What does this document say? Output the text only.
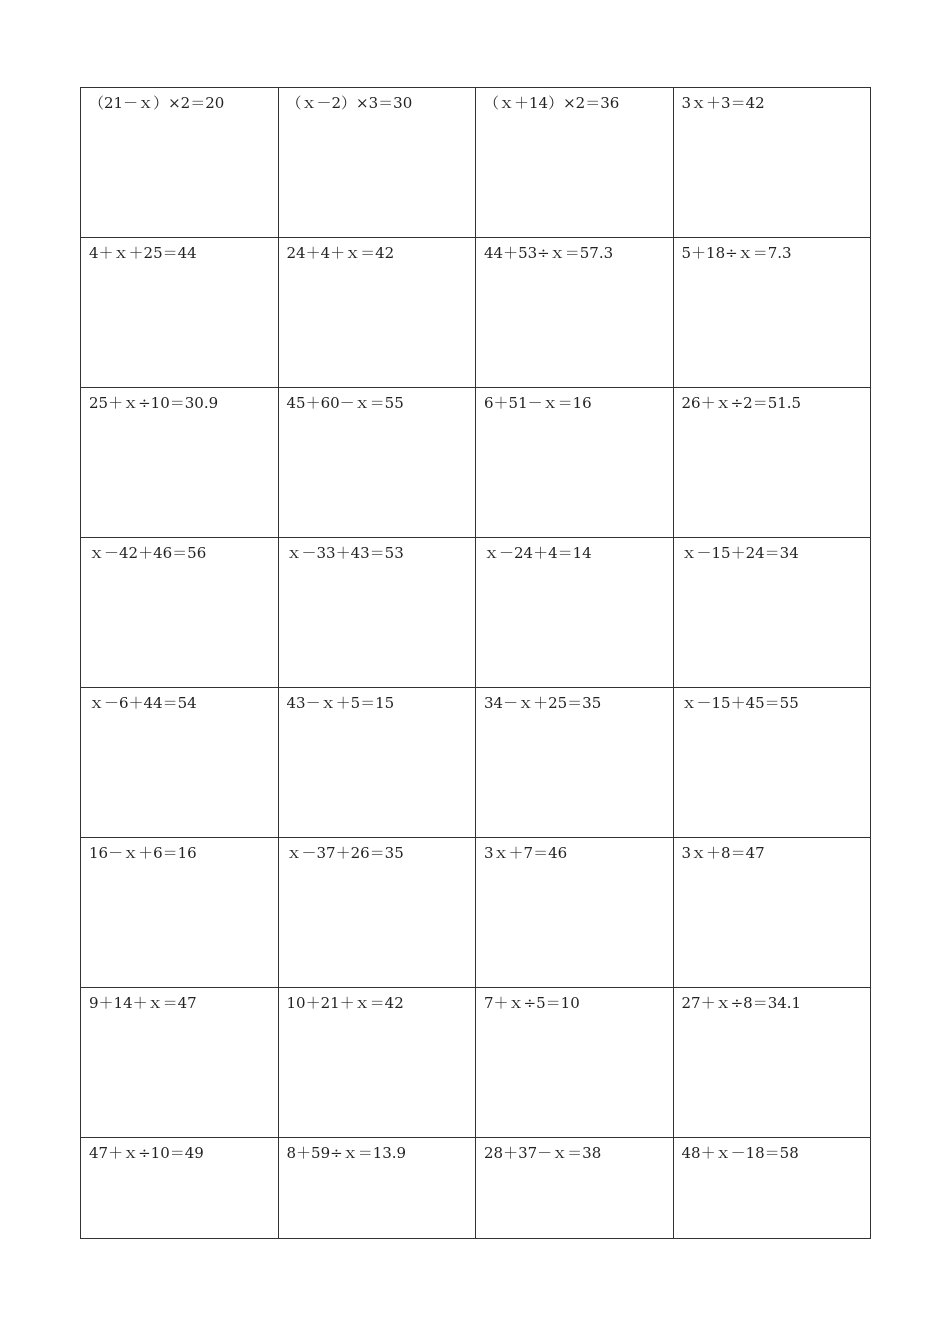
（21－ｘ）×2＝20	（ｘ－2）×3＝30	（ｘ＋14）×2＝36	3ｘ＋3＝42
4＋ｘ＋25＝44	24＋4＋ｘ＝42	44＋53÷ｘ＝57.3	5＋18÷ｘ＝7.3
25＋ｘ÷10＝30.9	45＋60－ｘ＝55	6＋51－ｘ＝16	26＋ｘ÷2＝51.5
ｘ－42＋46＝56	ｘ－33＋43＝53	ｘ－24＋4＝14	ｘ－15＋24＝34
ｘ－6＋44＝54	43－ｘ＋5＝15	34－ｘ＋25＝35	ｘ－15＋45＝55
16－ｘ＋6＝16	ｘ－37＋26＝35	3ｘ＋7＝46	3ｘ＋8＝47
9＋14＋ｘ＝47	10＋21＋ｘ＝42	7＋ｘ÷5＝10	27＋ｘ÷8＝34.1
47＋ｘ÷10＝49	8＋59÷ｘ＝13.9	28＋37－ｘ＝38	48＋ｘ－18＝58
